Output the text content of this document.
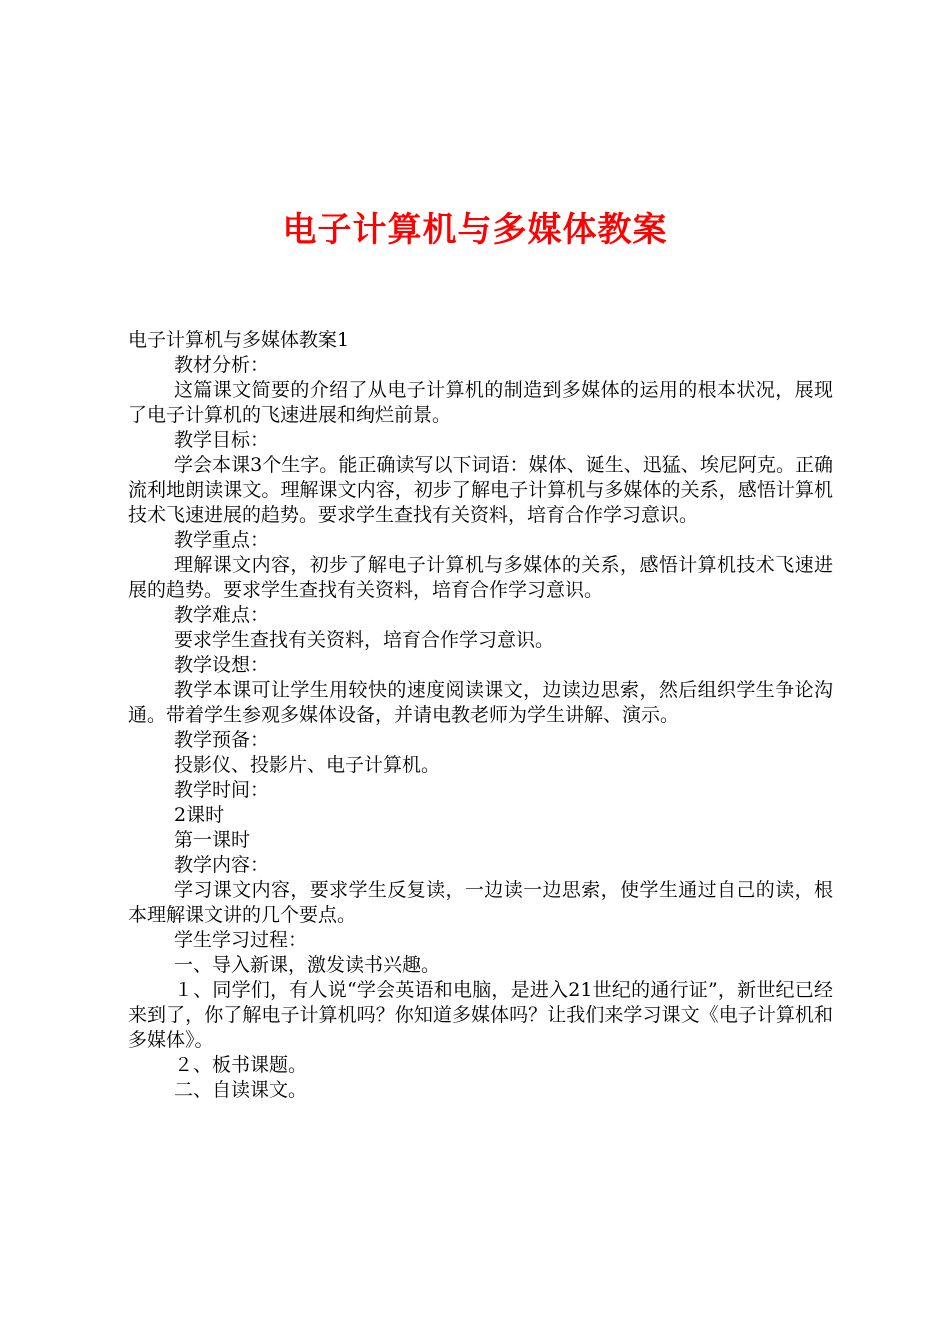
电子计算机与多媒体教案

电子计算机与多媒体教案1

教材分析：

这篇课文简要的介绍了从电子计算机的制造到多媒体的运用的根本状况，展现了电子计算机的飞速进展和绚烂前景。

教学目标：

学会本课3个生字。能正确读写以下词语：媒体、诞生、迅猛、埃尼阿克。正确流利地朗读课文。理解课文内容，初步了解电子计算机与多媒体的关系，感悟计算机技术飞速进展的趋势。要求学生查找有关资料，培育合作学习意识。

教学重点：

理解课文内容，初步了解电子计算机与多媒体的关系，感悟计算机技术飞速进展的趋势。要求学生查找有关资料，培育合作学习意识。

教学难点：

要求学生查找有关资料，培育合作学习意识。

教学设想：

教学本课可让学生用较快的速度阅读课文，边读边思索，然后组织学生争论沟通。带着学生参观多媒体设备，并请电教老师为学生讲解、演示。

教学预备：

投影仪、投影片、电子计算机。

教学时间：

2课时

第一课时

教学内容：

学习课文内容，要求学生反复读，一边读一边思索，使学生通过自己的读，根本理解课文讲的几个要点。

学生学习过程：

一、导入新课，激发读书兴趣。

１、同学们，有人说“学会英语和电脑，是进入21世纪的通行证”，新世纪已经来到了，你了解电子计算机吗？你知道多媒体吗？让我们来学习课文《电子计算机和多媒体》。

２、板书课题。

二、自读课文。
